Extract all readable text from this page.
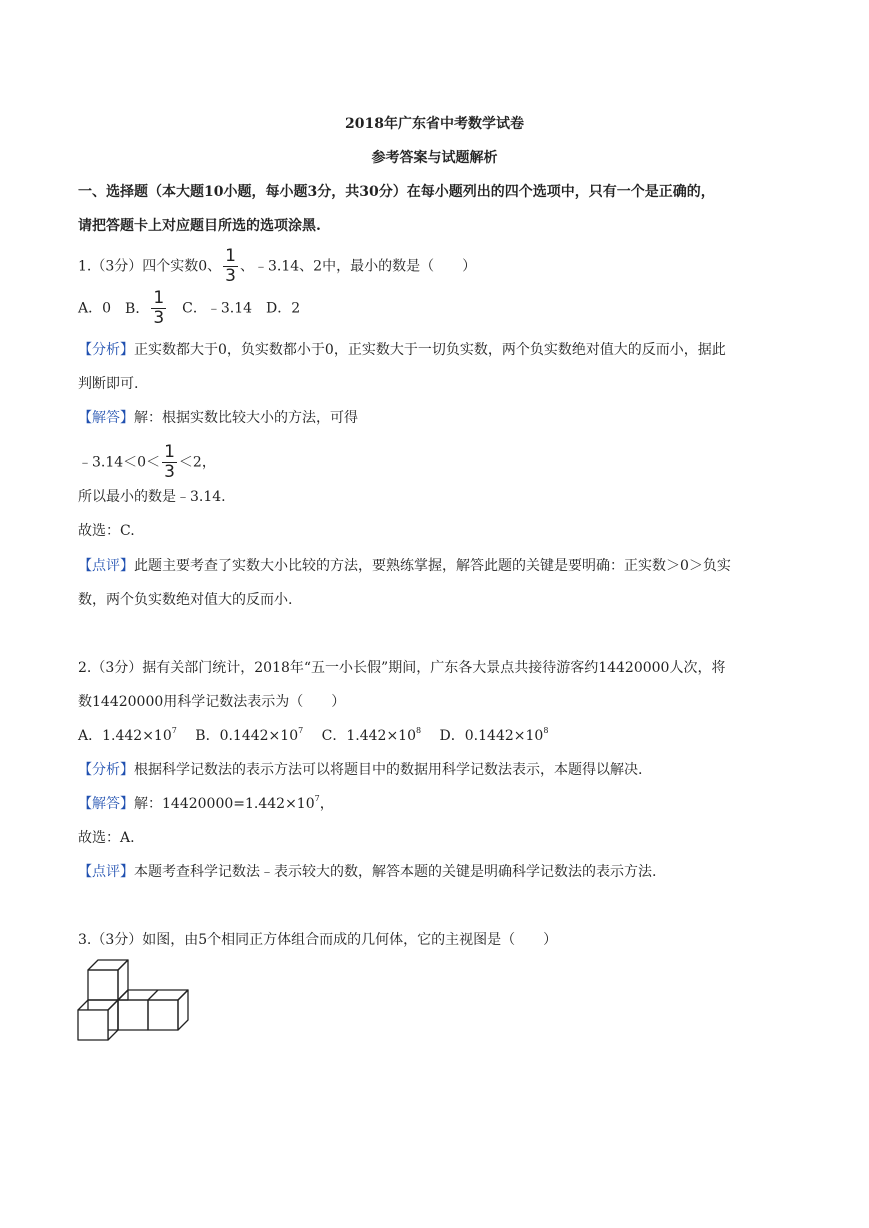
2018年广东省中考数学试卷
参考答案与试题解析
一、选择题（本大题10小题，每小题3分，共30分）在每小题列出的四个选项中，只有一个是正确的，
请把答题卡上对应题目所选的选项涂黑.
1.（3分）四个实数0、 $\frac{1}{3}$ 、﹣3.14、2中，最小的数是（　　）
A．0 B． $\frac{1}{3}$ C．﹣3.14 D．2
【分析】正实数都大于0，负实数都小于0，正实数大于一切负实数，两个负实数绝对值大的反而小，据此
判断即可.
【解答】解：根据实数比较大小的方法，可得
﹣3.14＜0＜ $\frac{1}{3} <2$，
所以最小的数是﹣3.14.
故选：C.
【点评】此题主要考查了实数大小比较的方法，要熟练掌握，解答此题的关键是要明确：正实数＞0＞负实
数，两个负实数绝对值大的反而小.
2.（3分）据有关部门统计，2018年“五一小长假”期间，广东各大景点共接待游客约14420000人次，将
数14420000用科学记数法表示为（　　）
A．$1.442\times 10^7$ B．$0.1442\times 10^7$ C．$1.442\times 10^8$ D．$0.1442\times 10^8$
【分析】根据科学记数法的表示方法可以将题目中的数据用科学记数法表示，本题得以解决.
【解答】解：$14420000=1.442\times 10^7$，
故选：A.
【点评】本题考查科学记数法﹣表示较大的数，解答本题的关键是明确科学记数法的表示方法.
3.（3分）如图，由5个相同正方体组合而成的几何体，它的主视图是（　　）
